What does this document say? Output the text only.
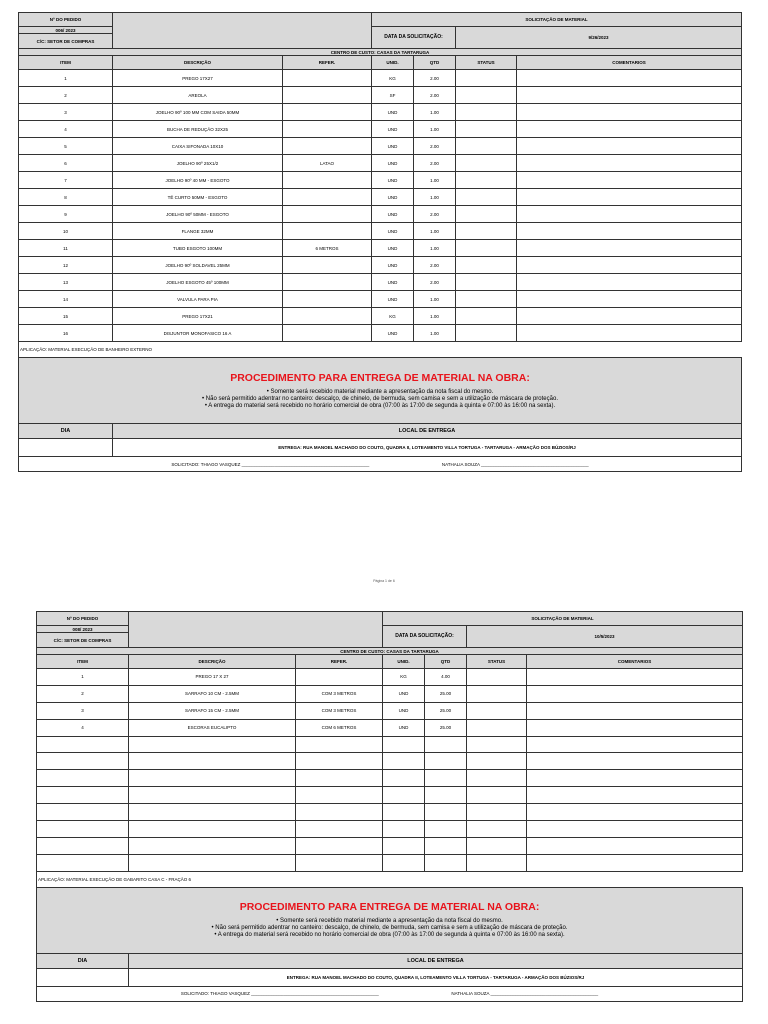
Nº DO PEDIDO			SOLICITAÇÃO DE MATERIAL			
006/ 2023			DATA DA SOLICITAÇÃO:		9/26/2023	
C/C: SETOR DE COMPRAS						
CENTRO DE CUSTO: CASAS DA TARTARUGA						
ITEM	DESCRIÇÃO	REFER.	UNID.	QTD	STATUS	COMENTARIOS
1	PREGO 17X27		KG	2.00		
2	AREOLA		SF	2.00		
3	JOELHO 90º 100 MM COM SAIDA 50MM		UND	1.00		
4	BUCHA DE REDUÇÃO 32X25		UND	1.00		
5	CAIXA SIFONADA 10X10		UND	2.00		
6	JOELHO 90º 25X1/2	LATAO	UND	2.00		
7	JOELHO 90º 40 MM - ESGOTO		UND	1.00		
8	TÊ CURTO 50MM - ESGOTO		UND	1.00		
9	JOELHO 90º 50MM - ESGOTO		UND	2.00		
10	FLANGE 32MM		UND	1.00		
11	TUBO ESGOTO 100MM	6 METROS	UND	1.00		
12	JOELHO 90º SOLDAVEL 25MM		UND	2.00		
13	JOELHO ESGOTO 45º 100MM		UND	2.00		
14	VALVULA PARA PIA		UND	1.00		
15	PREGO 17X21		KG	1.00		
16	DISJUNTOR MONOFASICO 16 A		UND	1.00		
APLICAÇÃO: MATERIAL EXECUÇÃO DE BANHEIRO EXTERNO						

PROCEDIMENTO PARA ENTREGA DE MATERIAL NA OBRA:
• Somente será recebido material mediante a apresentação da nota fiscal do mesmo.
• Não será permitido adentrar no canteiro: descalço, de chinelo, de bermuda, sem camisa e sem a utilização de máscara de proteção.
• A entrega do material será recebido no horário comercial de obra (07:00 às 17:00 de segunda à quinta e 07:00 às 16:00 na sexta).						

DIA	LOCAL DE ENTREGA					
	ENTREGA: RUA MANOEL MACHADO DO COUTO, QUADRA II, LOTEAMENTO VILLA TORTUGA - TARTARUGA - ARMAÇÃO DOS BÚZIOS/RJ					
SOLICITADO: THIAGO VASQUEZ ___________________________________________________ NATHALIA SOUZA ___________________________________________						
Página 1 de 6
Nº DO PEDIDO			SOLICITAÇÃO DE MATERIAL			
008/ 2023			DATA DA SOLICITAÇÃO:		10/5/2023	
C/C: SETOR DE COMPRAS						
CENTRO DE CUSTO: CASAS DA TARTARUGA						
ITEM	DESCRIÇÃO	REFER.	UNID.	QTD	STATUS	COMENTARIOS
1	PREGO 17 X 27		KG	4.00		
2	SARRAFO 10 CM - 2.5MM	COM 3 METROS	UND	25.00		
3	SARRAFO 15 CM - 2.5MM	COM 3 METROS	UND	25.00		
4	ESCORAS EUCALIPTO	COM 6 METROS	UND	25.00		

APLICAÇÃO: MATERIAL EXECUÇÃO DE GABARITO CASA C - FRAÇÃO 6						

PROCEDIMENTO PARA ENTREGA DE MATERIAL NA OBRA:
• Somente será recebido material mediante a apresentação da nota fiscal do mesmo.
• Não será permitido adentrar no canteiro: descalço, de chinelo, de bermuda, sem camisa e sem a utilização de máscara de proteção.
• A entrega do material será recebido no horário comercial de obra (07:00 às 17:00 de segunda à quinta e 07:00 às 16:00 na sexta).						

DIA	LOCAL DE ENTREGA					
	ENTREGA: RUA MANOEL MACHADO DO COUTO, QUADRA II, LOTEAMENTO VILLA TORTUGA - TARTARUGA - ARMAÇÃO DOS BÚZIOS/RJ					
SOLICITADO: THIAGO VASQUEZ ___________________________________________________ NATHALIA SOUZA ___________________________________________						
